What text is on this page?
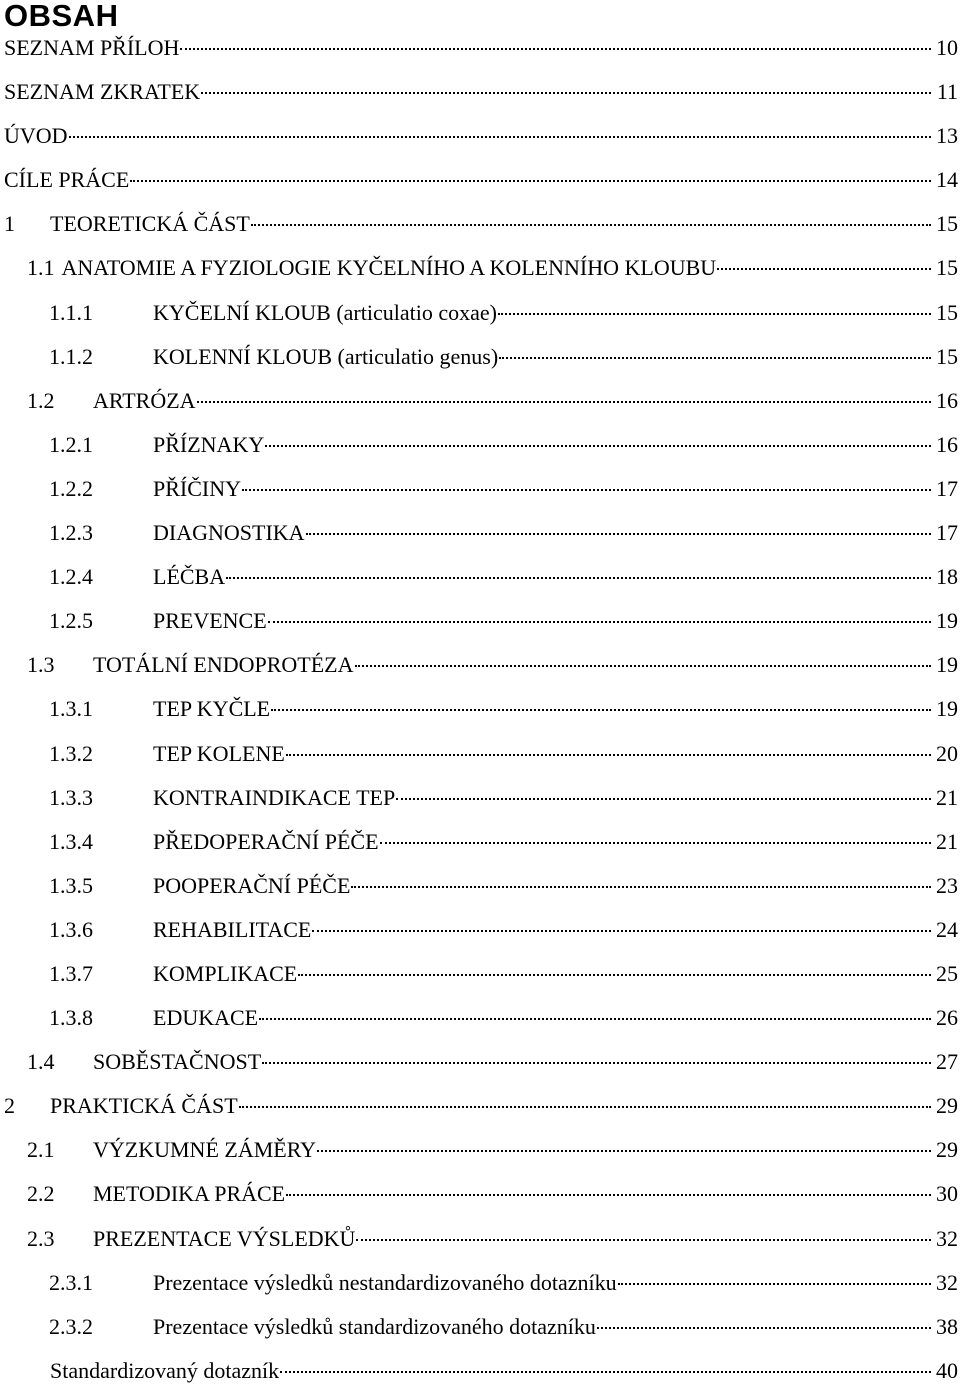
OBSAH
SEZNAM PŘÍLOH	10
SEZNAM ZKRATEK	11
ÚVOD	13
CÍLE PRÁCE	14
1	TEORETICKÁ ČÁST	15
1.1 ANATOMIE A FYZIOLOGIE KYČELNÍHO A KOLENNÍHO KLOUBU	15
1.1.1	KYČELNÍ KLOUB (articulatio coxae)	15
1.1.2	KOLENNÍ KLOUB (articulatio genus)	15
1.2	ARTRÓZA	16
1.2.1	PŘÍZNAKY	16
1.2.2	PŘÍČINY	17
1.2.3	DIAGNOSTIKA	17
1.2.4	LÉČBA	18
1.2.5	PREVENCE	19
1.3	TOTÁLNÍ ENDOPROTÉZA	19
1.3.1	TEP KYČLE	19
1.3.2	TEP KOLENE	20
1.3.3	KONTRAINDIKACE TEP	21
1.3.4	PŘEDOPERAČNÍ PÉČE	21
1.3.5	POOPERAČNÍ PÉČE	23
1.3.6	REHABILITACE	24
1.3.7	KOMPLIKACE	25
1.3.8	EDUKACE	26
1.4	SOBĚSTAČNOST	27
2	PRAKTICKÁ ČÁST	29
2.1	VÝZKUMNÉ ZÁMĚRY	29
2.2	METODIKA PRÁCE	30
2.3	PREZENTACE VÝSLEDKŮ	32
2.3.1	Prezentace výsledků nestandardizovaného dotazníku	32
2.3.2	Prezentace výsledků standardizovaného dotazníku	38
Standardizovaný dotazník	40
